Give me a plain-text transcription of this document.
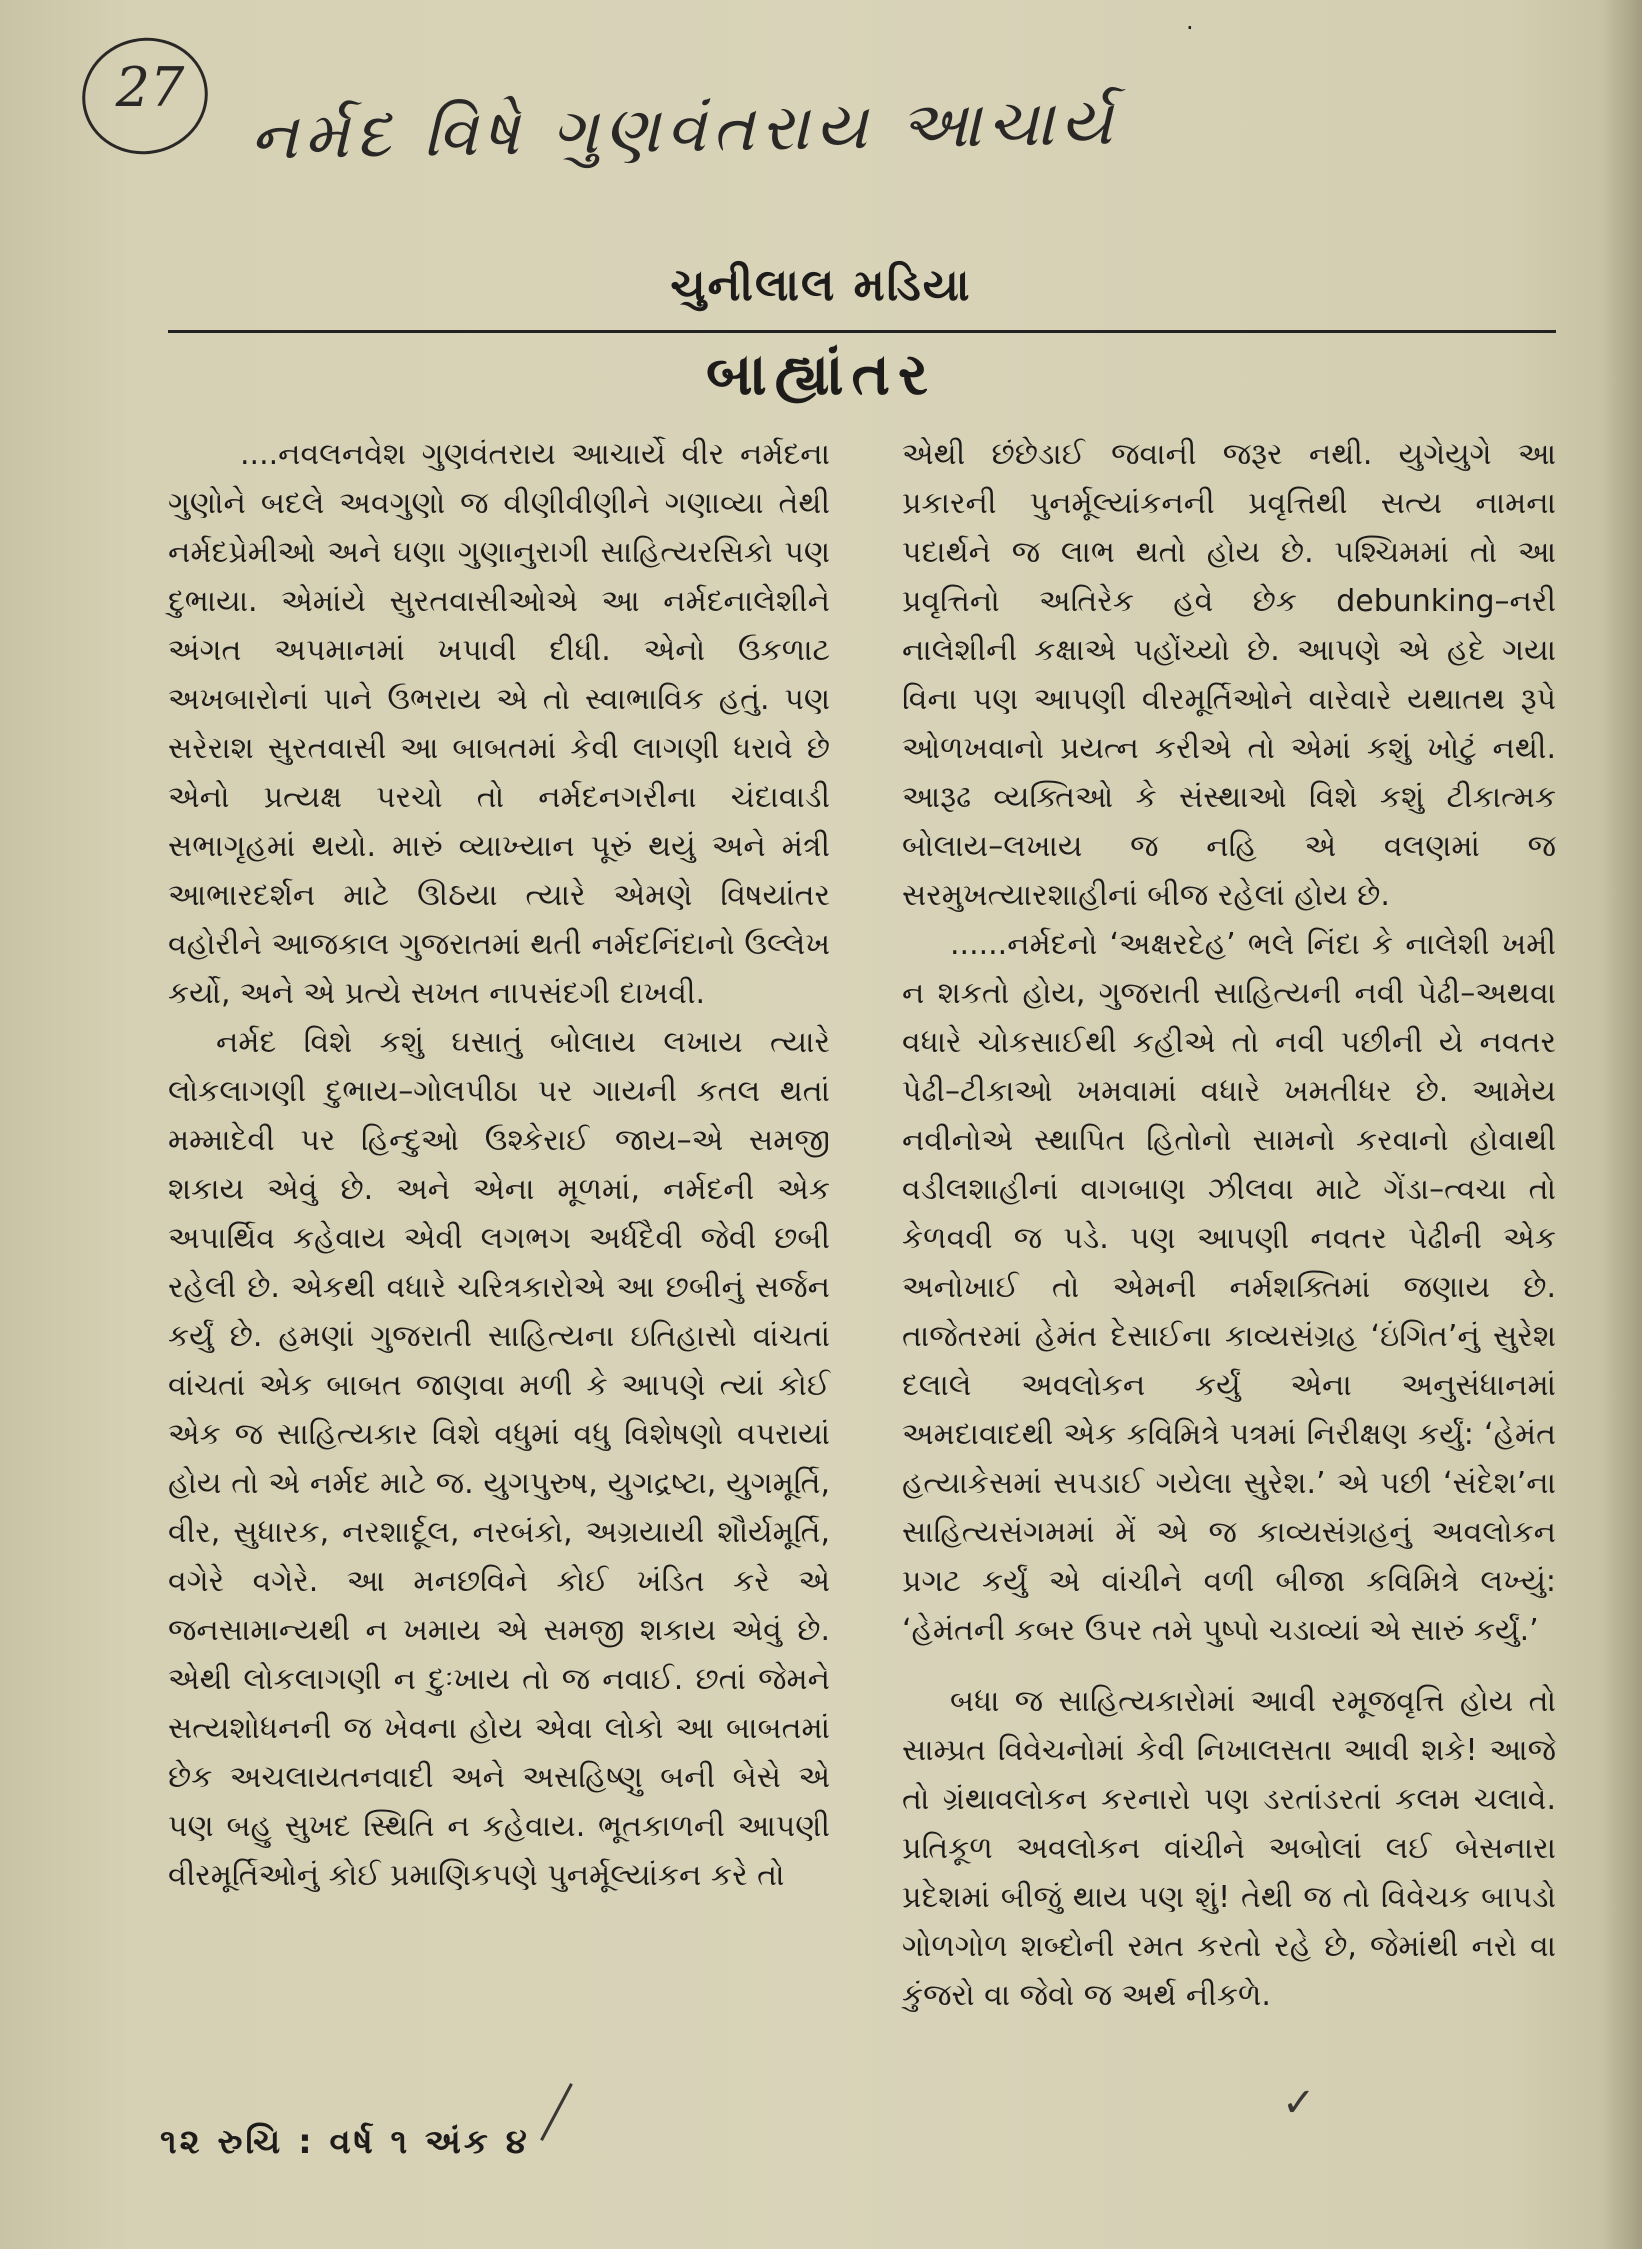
·
27 નર્મદ વિષે ગુણવંતરાય આચાર્ય
ચુનીલાલ મડિયા
બાહ્યાંતર

....નવલનવેશ ગુણવંતરાય આચાર્યે વીર નર્મદના ગુણોને બદલે અવગુણો જ વીણીવીણીને ગણાવ્યા તેથી નર્મદપ્રેમીઓ અને ઘણા ગુણાનુરાગી સાહિત્યરસિકો પણ દુભાયા. એમાંયે સુરતવાસીઓએ આ નર્મદનાલેશીને અંગત અપમાનમાં ખપાવી દીધી. એનો ઉકળાટ અખબારોનાં પાને ઉભરાય એ તો સ્વાભાવિક હતું. પણ સરેરાશ સુરતવાસી આ બાબતમાં કેવી લાગણી ધરાવે છે એનો પ્રત્યક્ષ પરચો તો નર્મદનગરીના ચંદાવાડી સભાગૃહમાં થયો. મારું વ્યાખ્યાન પૂરું થયું અને મંત્રી આભારદર્શન માટે ઊઠયા ત્યારે એમણે વિષયાંતર વહોરીને આજકાલ ગુજરાતમાં થતી નર્મદનિંદાનો ઉલ્લેખ કર્યો, અને એ પ્રત્યે સખત નાપસંદગી દાખવી.

નર્મદ વિશે કશું ઘસાતું બોલાય લખાય ત્યારે લોકલાગણી દુભાય–ગોલપીઠા પર ગાયની કતલ થતાં મમ્માદેવી પર હિન્દુઓ ઉશ્કેરાઈ જાય–એ સમજી શકાય એવું છે. અને એના મૂળમાં, નર્મદની એક અપાર્થિવ કહેવાય એવી લગભગ અર્ધદૈવી જેવી છબી રહેલી છે. એકથી વધારે ચરિત્રકારોએ આ છબીનું સર્જન કર્યું છે. હમણાં ગુજરાતી સાહિત્યના ઇતિહાસો વાંચતાં વાંચતાં એક બાબત જાણવા મળી કે આપણે ત્યાં કોઈ એક જ સાહિત્યકાર વિશે વધુમાં વધુ વિશેષણો વપરાયાં હોય તો એ નર્મદ માટે જ. યુગપુરુષ, યુગદ્રષ્ટા, યુગમૂર્તિ, વીર, સુધારક, નરશાર્દૂલ, નરબંકો, અગ્રયાયી શૌર્યમૂર્તિ, વગેરે વગેરે. આ મનછવિને કોઈ ખંડિત કરે એ જનસામાન્યથી ન ખમાય એ સમજી શકાય એવું છે. એથી લોકલાગણી ન દુઃખાય તો જ નવાઈ. છતાં જેમને સત્યશોધનની જ ખેવના હોય એવા લોકો આ બાબતમાં છેક અચલાયતનવાદી અને અસહિષ્ણુ બની બેસે એ પણ બહુ સુખદ સ્થિતિ ન કહેવાય. ભૂતકાળની આપણી વીરમૂર્તિઓનું કોઈ પ્રમાણિકપણે પુનર્મૂલ્યાંકન કરે તો

એથી છંછેડાઈ જવાની જરૂર નથી. યુગેયુગે આ પ્રકારની પુનર્મૂલ્યાંકનની પ્રવૃત્તિથી સત્ય નામના પદાર્થને જ લાભ થતો હોય છે. પશ્ચિમમાં તો આ પ્રવૃત્તિનો અતિરેક હવે છેક debunking–નરી નાલેશીની કક્ષાએ પહોંચ્યો છે. આપણે એ હદે ગયા વિના પણ આપણી વીરમૂર્તિઓને વારેવારે યથાતથ રૂપે ઓળખવાનો પ્રયત્ન કરીએ તો એમાં કશું ખોટું નથી. આરૂઢ વ્યક્તિઓ કે સંસ્થાઓ વિશે કશું ટીકાત્મક બોલાય–લખાય જ નહિ એ વલણમાં જ સરમુખત્યારશાહીનાં બીજ રહેલાં હોય છે.

......નર્મદનો ‘અક્ષરદેહ’ ભલે નિંદા કે નાલેશી ખમી ન શકતો હોય, ગુજરાતી સાહિત્યની નવી પેઢી–અથવા વધારે ચોકસાઈથી કહીએ તો નવી પછીની યે નવતર પેઢી–ટીકાઓ ખમવામાં વધારે ખમતીધર છે. આમેય નવીનોએ સ્થાપિત હિતોનો સામનો કરવાનો હોવાથી વડીલશાહીનાં વાગબાણ ઝીલવા માટે ગેંડા–ત્વચા તો કેળવવી જ પડે. પણ આપણી નવતર પેઢીની એક અનોખાઈ તો એમની નર્મશક્તિમાં જણાય છે. તાજેતરમાં હેમંત દેસાઈના કાવ્યસંગ્રહ ‘ઇંગિત’નું સુરેશ દલાલે અવલોકન કર્યું એના અનુસંધાનમાં અમદાવાદથી એક કવિમિત્રે પત્રમાં નિરીક્ષણ કર્યું: ‘હેમંત હત્યાકેસમાં સપડાઈ ગયેલા સુરેશ.’ એ પછી ‘સંદેશ’ના સાહિત્યસંગમમાં મેં એ જ કાવ્યસંગ્રહનું અવલોકન પ્રગટ કર્યું એ વાંચીને વળી બીજા કવિમિત્રે લખ્યું: ‘હેમંતની કબર ઉપર તમે પુષ્પો ચડાવ્યાં એ સારું કર્યું.’

બધા જ સાહિત્યકારોમાં આવી રમૂજવૃત્તિ હોય તો સામ્પ્રત વિવેચનોમાં કેવી નિખાલસતા આવી શકે! આજે તો ગ્રંથાવલોકન કરનારો પણ ડરતાંડરતાં કલમ ચલાવે. પ્રતિકૂળ અવલોકન વાંચીને અબોલાં લઈ બેસનારા પ્રદેશમાં બીજું થાય પણ શું! તેથી જ તો વિવેચક બાપડો ગોળગોળ શબ્દોની રમત કરતો રહે છે, જેમાંથી નરો વા કુંજરો વા જેવો જ અર્થ નીકળે.

૧૨ રુચિ : વર્ષ ૧ અંક ૪
✓
